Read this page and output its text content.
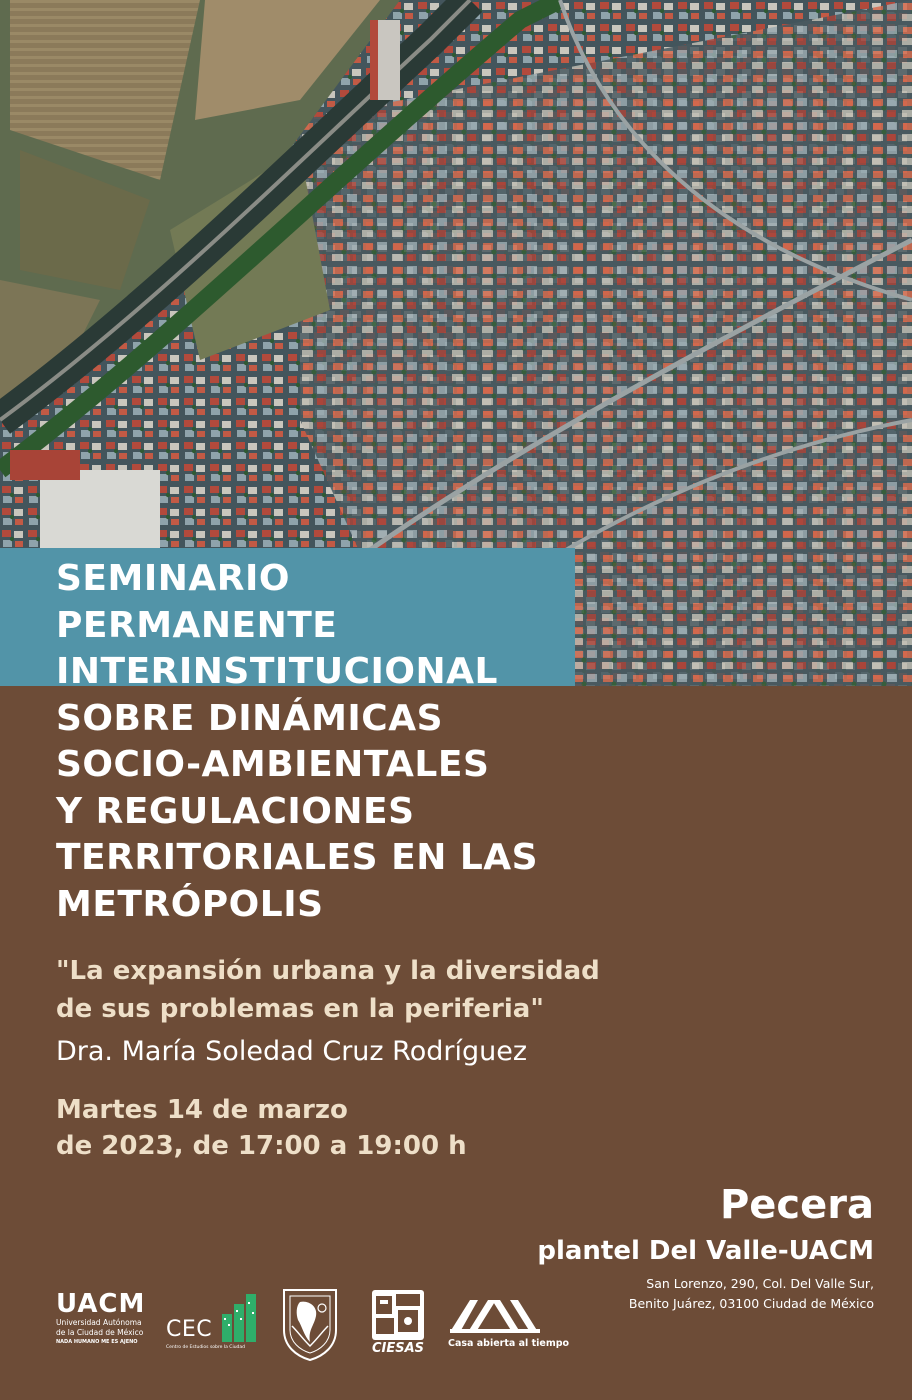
SEMINARIO
PERMANENTE
INTERINSTITUCIONAL
SOBRE DINÁMICAS
SOCIO-AMBIENTALES
Y REGULACIONES
TERRITORIALES EN LAS
METRÓPOLIS
"La expansión urbana y la diversidad
de sus problemas en la periferia"
Dra. María Soledad Cruz Rodríguez
Martes 14 de marzo
de 2023, de 17:00 a 19:00 h
Pecera
plantel Del Valle-UACM
San Lorenzo, 290, Col. Del Valle Sur,
Benito Juárez, 03100 Ciudad de México
UACM
Universidad Autónoma
de la Ciudad de México
NADA HUMANO ME ES AJENO	CEC
Centro de Estudios sobre la Ciudad	CIESAS	Casa abierta al tiempo
